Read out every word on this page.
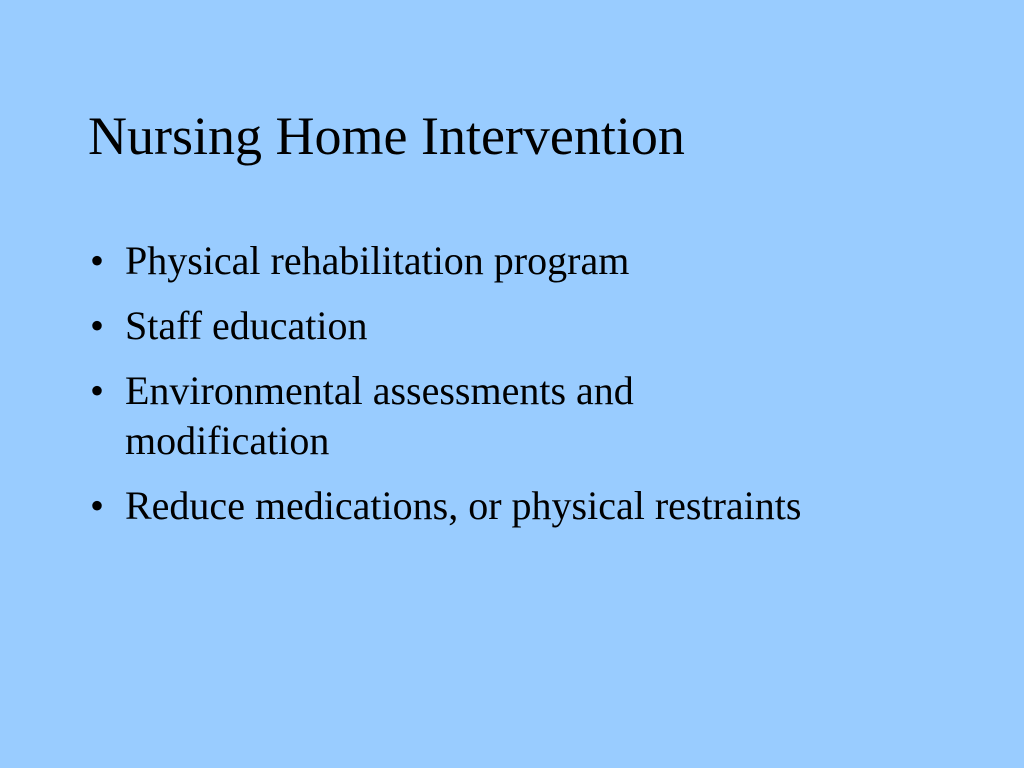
Nursing Home Intervention
• Physical rehabilitation program
• Staff education
• Environmental assessments and modification
• Reduce medications, or physical restraints
